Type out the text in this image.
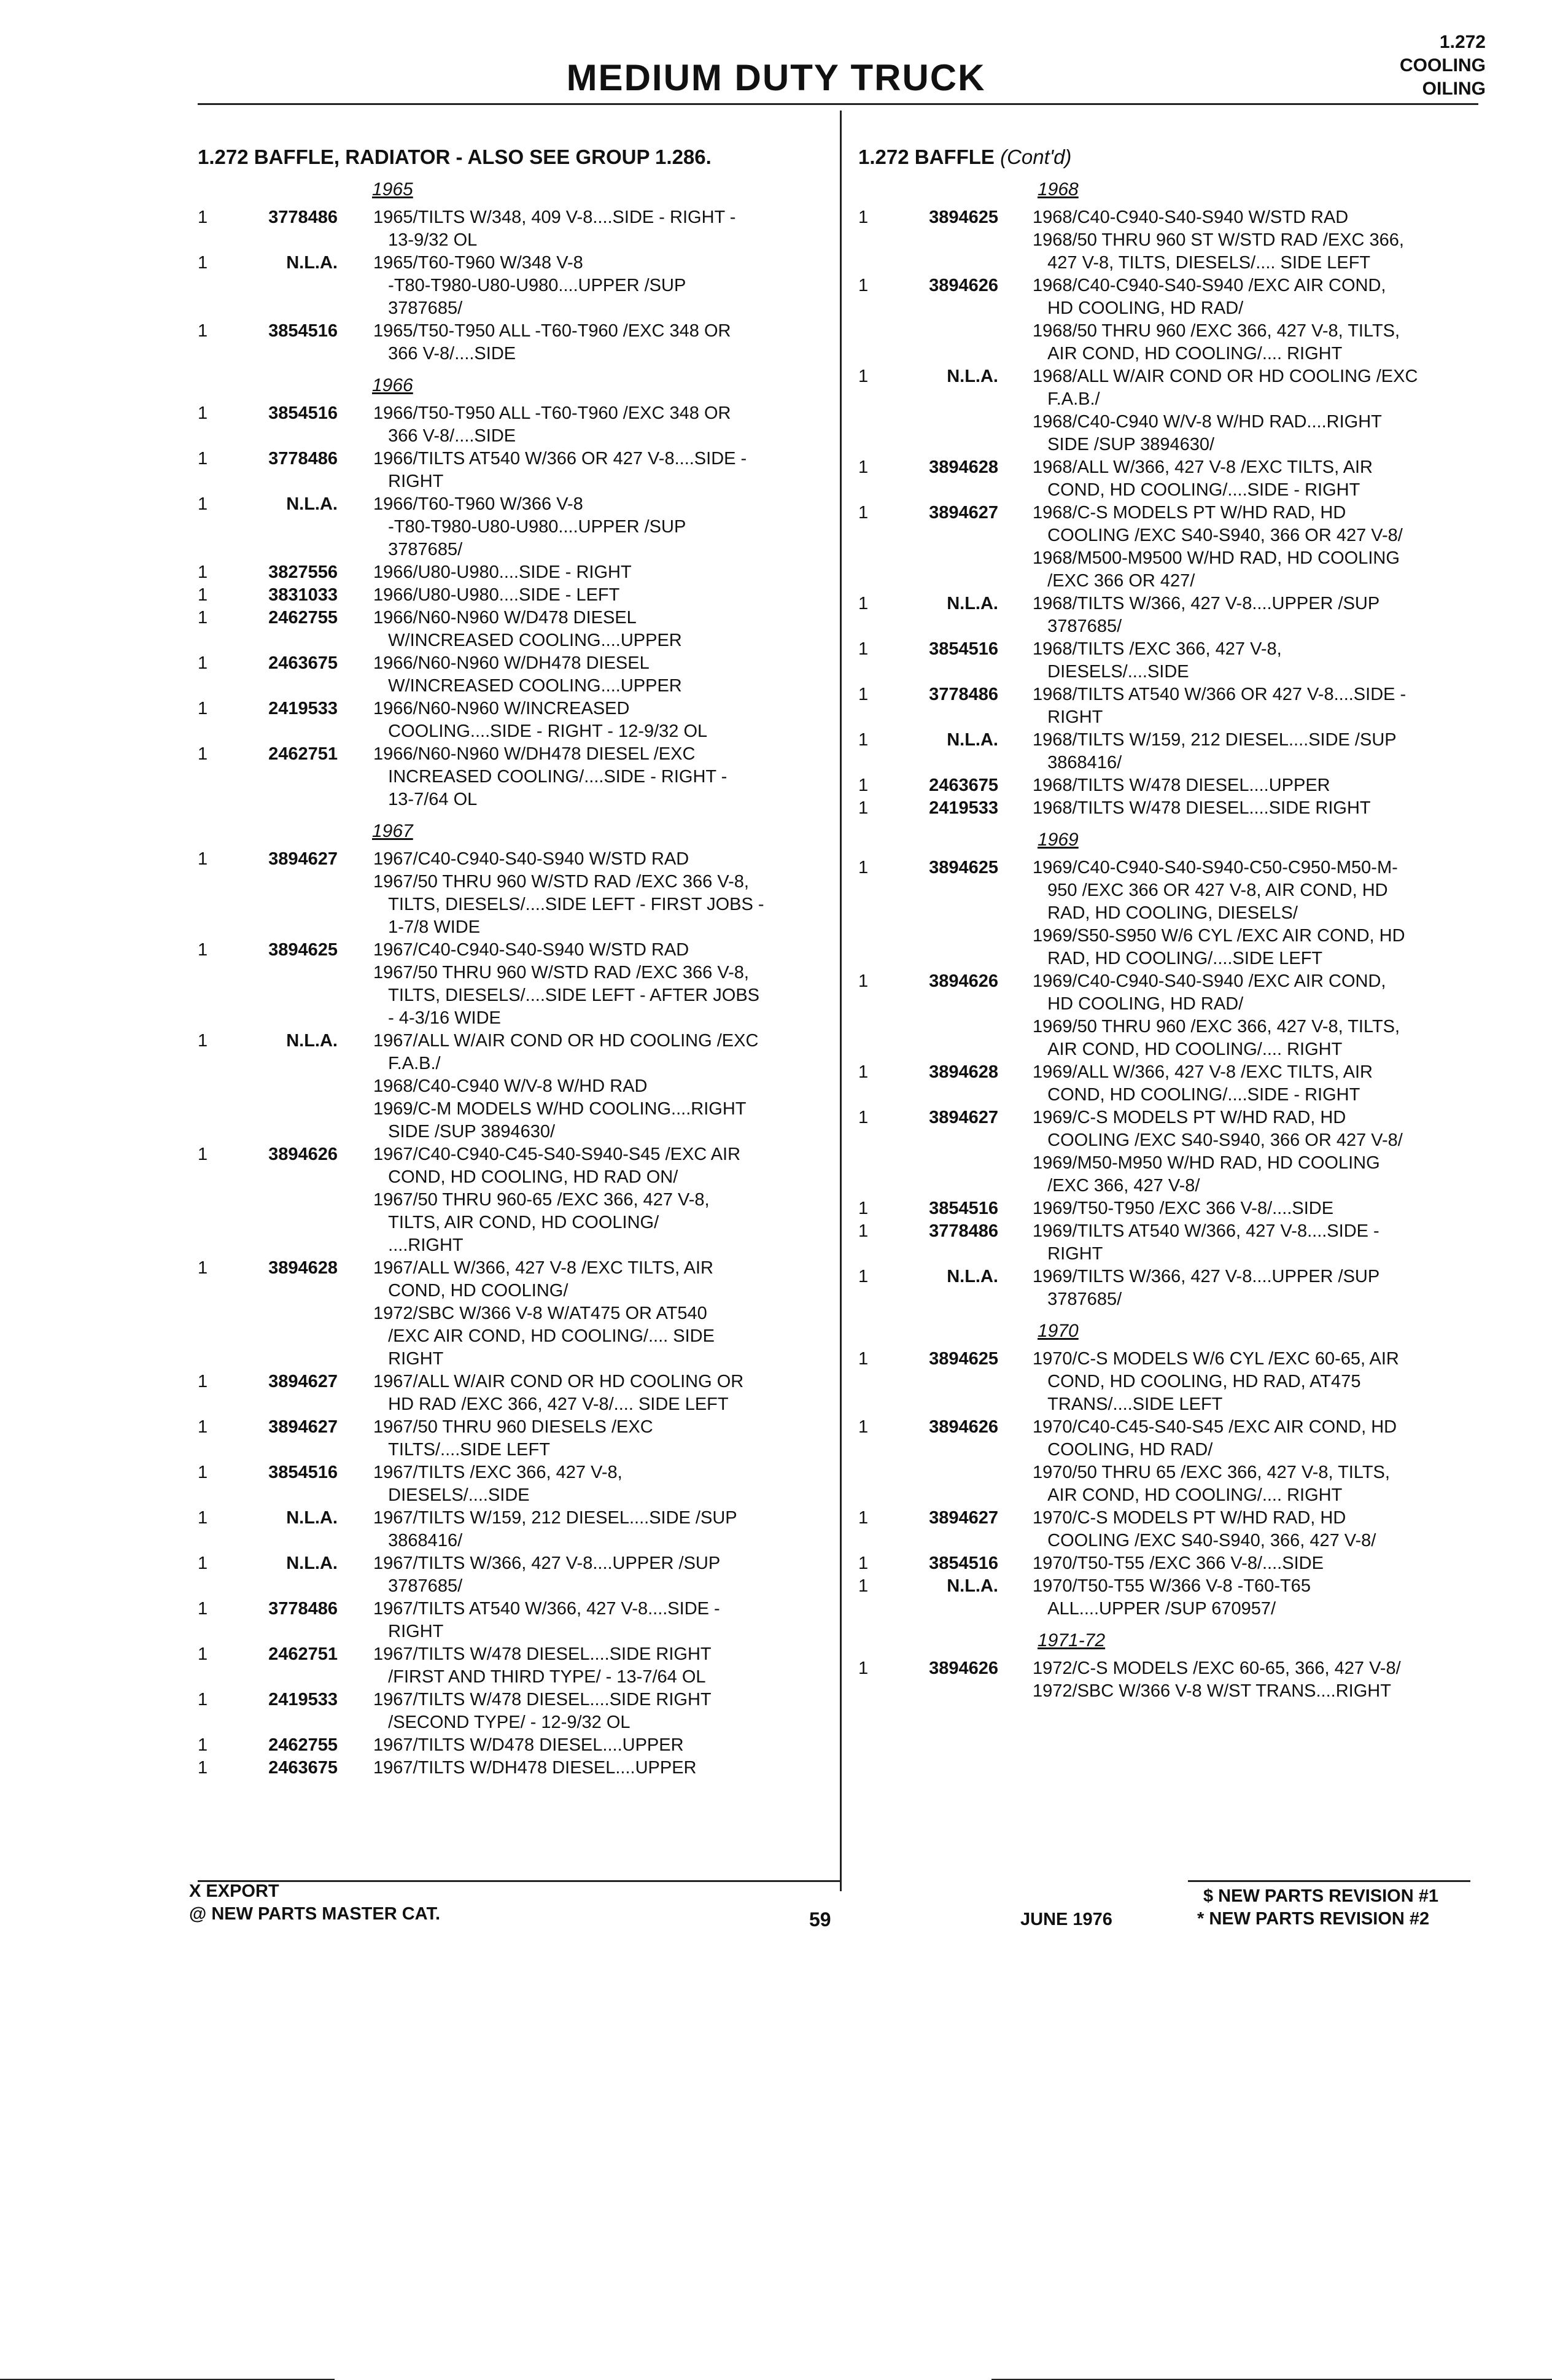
MEDIUM DUTY TRUCK
1.272
COOLING
OILING
1.272 BAFFLE, RADIATOR - ALSO SEE GROUP 1.286.
1965
1	3778486 1965/TILTS W/348, 409 V-8....SIDE - RIGHT -
13-9/32 OL
1	N.L.A. 1965/T60-T960 W/348 V-8
-T80-T980-U80-U980....UPPER /SUP
3787685/
1	3854516 1965/T50-T950 ALL -T60-T960 /EXC 348 OR
366 V-8/....SIDE
1966
1	3854516 1966/T50-T950 ALL -T60-T960 /EXC 348 OR
366 V-8/....SIDE
1	3778486 1966/TILTS AT540 W/366 OR 427 V-8....SIDE -
RIGHT
1	N.L.A. 1966/T60-T960 W/366 V-8
-T80-T980-U80-U980....UPPER /SUP
3787685/
1	3827556 1966/U80-U980....SIDE - RIGHT
1	3831033 1966/U80-U980....SIDE - LEFT
1	2462755 1966/N60-N960 W/D478 DIESEL
W/INCREASED COOLING....UPPER
1	2463675 1966/N60-N960 W/DH478 DIESEL
W/INCREASED COOLING....UPPER
1	2419533 1966/N60-N960 W/INCREASED
COOLING....SIDE - RIGHT - 12-9/32 OL
1	2462751 1966/N60-N960 W/DH478 DIESEL /EXC
INCREASED COOLING/....SIDE - RIGHT -
13-7/64 OL
1967
1	3894627 1967/C40-C940-S40-S940 W/STD RAD
1967/50 THRU 960 W/STD RAD /EXC 366 V-8,
TILTS, DIESELS/....SIDE LEFT - FIRST JOBS -
1-7/8 WIDE
1	3894625 1967/C40-C940-S40-S940 W/STD RAD
1967/50 THRU 960 W/STD RAD /EXC 366 V-8,
TILTS, DIESELS/....SIDE LEFT - AFTER JOBS
- 4-3/16 WIDE
1	N.L.A. 1967/ALL W/AIR COND OR HD COOLING /EXC
F.A.B./
1968/C40-C940 W/V-8 W/HD RAD
1969/C-M MODELS W/HD COOLING....RIGHT
SIDE /SUP 3894630/
1	3894626 1967/C40-C940-C45-S40-S940-S45 /EXC AIR
COND, HD COOLING, HD RAD ON/
1967/50 THRU 960-65 /EXC 366, 427 V-8,
TILTS, AIR COND, HD COOLING/
....RIGHT
1	3894628 1967/ALL W/366, 427 V-8 /EXC TILTS, AIR
COND, HD COOLING/
1972/SBC W/366 V-8 W/AT475 OR AT540
/EXC AIR COND, HD COOLING/.... SIDE
RIGHT
1	3894627 1967/ALL W/AIR COND OR HD COOLING OR
HD RAD /EXC 366, 427 V-8/.... SIDE LEFT
1	3894627 1967/50 THRU 960 DIESELS /EXC
TILTS/....SIDE LEFT
1	3854516 1967/TILTS /EXC 366, 427 V-8,
DIESELS/....SIDE
1	N.L.A. 1967/TILTS W/159, 212 DIESEL....SIDE /SUP
3868416/
1	N.L.A. 1967/TILTS W/366, 427 V-8....UPPER /SUP
3787685/
1	3778486 1967/TILTS AT540 W/366, 427 V-8....SIDE -
RIGHT
1	2462751 1967/TILTS W/478 DIESEL....SIDE RIGHT
/FIRST AND THIRD TYPE/ - 13-7/64 OL
1	2419533 1967/TILTS W/478 DIESEL....SIDE RIGHT
/SECOND TYPE/ - 12-9/32 OL
1	2462755 1967/TILTS W/D478 DIESEL....UPPER
1	2463675 1967/TILTS W/DH478 DIESEL....UPPER
1.272 BAFFLE (Cont'd)
1968
1	3894625 1968/C40-C940-S40-S940 W/STD RAD
1968/50 THRU 960 ST W/STD RAD /EXC 366,
427 V-8, TILTS, DIESELS/.... SIDE LEFT
1	3894626 1968/C40-C940-S40-S940 /EXC AIR COND,
HD COOLING, HD RAD/
1968/50 THRU 960 /EXC 366, 427 V-8, TILTS,
AIR COND, HD COOLING/.... RIGHT
1	N.L.A. 1968/ALL W/AIR COND OR HD COOLING /EXC
F.A.B./
1968/C40-C940 W/V-8 W/HD RAD....RIGHT
SIDE /SUP 3894630/
1	3894628 1968/ALL W/366, 427 V-8 /EXC TILTS, AIR
COND, HD COOLING/....SIDE - RIGHT
1	3894627 1968/C-S MODELS PT W/HD RAD, HD
COOLING /EXC S40-S940, 366 OR 427 V-8/
1968/M500-M9500 W/HD RAD, HD COOLING
/EXC 366 OR 427/
1	N.L.A. 1968/TILTS W/366, 427 V-8....UPPER /SUP
3787685/
1	3854516 1968/TILTS /EXC 366, 427 V-8,
DIESELS/....SIDE
1	3778486 1968/TILTS AT540 W/366 OR 427 V-8....SIDE -
RIGHT
1	N.L.A. 1968/TILTS W/159, 212 DIESEL....SIDE /SUP
3868416/
1	2463675 1968/TILTS W/478 DIESEL....UPPER
1	2419533 1968/TILTS W/478 DIESEL....SIDE RIGHT
1969
1	3894625 1969/C40-C940-S40-S940-C50-C950-M50-M-
950 /EXC 366 OR 427 V-8, AIR COND, HD
RAD, HD COOLING, DIESELS/
1969/S50-S950 W/6 CYL /EXC AIR COND, HD
RAD, HD COOLING/....SIDE LEFT
1	3894626 1969/C40-C940-S40-S940 /EXC AIR COND,
HD COOLING, HD RAD/
1969/50 THRU 960 /EXC 366, 427 V-8, TILTS,
AIR COND, HD COOLING/.... RIGHT
1	3894628 1969/ALL W/366, 427 V-8 /EXC TILTS, AIR
COND, HD COOLING/....SIDE - RIGHT
1	3894627 1969/C-S MODELS PT W/HD RAD, HD
COOLING /EXC S40-S940, 366 OR 427 V-8/
1969/M50-M950 W/HD RAD, HD COOLING
/EXC 366, 427 V-8/
1	3854516 1969/T50-T950 /EXC 366 V-8/....SIDE
1	3778486 1969/TILTS AT540 W/366, 427 V-8....SIDE -
RIGHT
1	N.L.A. 1969/TILTS W/366, 427 V-8....UPPER /SUP
3787685/
1970
1	3894625 1970/C-S MODELS W/6 CYL /EXC 60-65, AIR
COND, HD COOLING, HD RAD, AT475
TRANS/....SIDE LEFT
1	3894626 1970/C40-C45-S40-S45 /EXC AIR COND, HD
COOLING, HD RAD/
1970/50 THRU 65 /EXC 366, 427 V-8, TILTS,
AIR COND, HD COOLING/.... RIGHT
1	3894627 1970/C-S MODELS PT W/HD RAD, HD
COOLING /EXC S40-S940, 366, 427 V-8/
1	3854516 1970/T50-T55 /EXC 366 V-8/....SIDE
1	N.L.A. 1970/T50-T55 W/366 V-8 -T60-T65
ALL....UPPER /SUP 670957/
1971-72
1	3894626 1972/C-S MODELS /EXC 60-65, 366, 427 V-8/
1972/SBC W/366 V-8 W/ST TRANS....RIGHT
X EXPORT
@ NEW PARTS MASTER CAT.	59	JUNE 1976
$ NEW PARTS REVISION #1
* NEW PARTS REVISION #2
